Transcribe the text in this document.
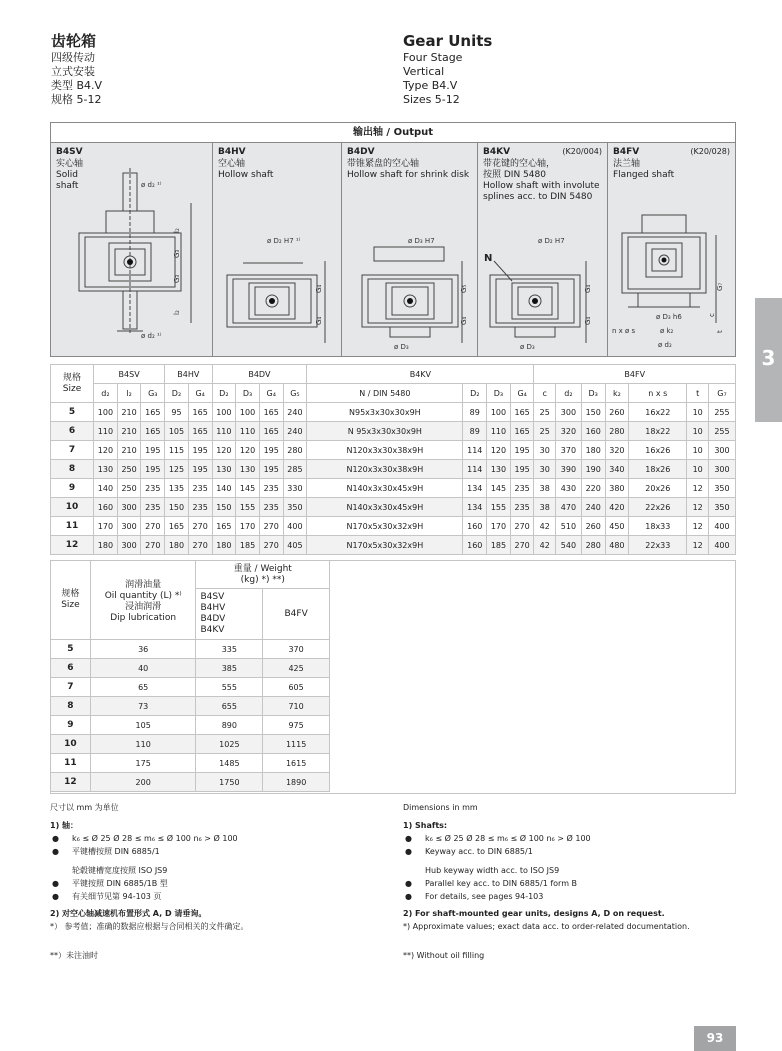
齿轮箱
四级传动
立式安装
类型 B4.V
规格 5-12
Gear Units
Four Stage
Vertical
Type B4.V
Sizes 5-12
输出轴 / Output
B4SV
实心轴
Solid
shaft	ø d₂ ¹⁾
ø d₂ ¹⁾
l₂
G₃
G₃
l₂
B4HV
空心轴
Hollow shaft
ø D₂ H7 ¹⁾
G₄
G₄
B4DV
带锥紧盘的空心轴
Hollow shaft for shrink disk
ø D₃ H7
ø D₃
G₅
G₄
B4KV	(K20/004)
带花键的空心轴，
按照 DIN 5480
Hollow shaft with involute
splines acc. to DIN 5480
N
ø D₂ H7
ø D₃
G₄
G₄
B4FV	(K20/028)
法兰轴
Flanged shaft
ø D₃ h6
ø k₂
ø d₂
n x ø s
G₇
c
t
规格
Size	B4SV			B4HV		B4DV				B4KV				B4FV						
	d₂	l₂	G₃	D₂	G₄	D₂	D₃	G₄	G₅	N / DIN 5480	D₂	D₃	G₄	c	d₂	D₃	k₂	n x s	t	G₇
5	100	210	165	95	165	100	100	165	240	N95x3x30x30x9H	89	100	165	25	300	150	260	16x22	10	255
6	110	210	165	105	165	110	110	165	240	N 95x3x30x30x9H	89	110	165	25	320	160	280	18x22	10	255
7	120	210	195	115	195	120	120	195	280	N120x3x30x38x9H	114	120	195	30	370	180	320	16x26	10	300
8	130	250	195	125	195	130	130	195	285	N120x3x30x38x9H	114	130	195	30	390	190	340	18x26	10	300
9	140	250	235	135	235	140	145	235	330	N140x3x30x45x9H	134	145	235	38	430	220	380	20x26	12	350
10	160	300	235	150	235	150	155	235	350	N140x3x30x45x9H	134	155	235	38	470	240	420	22x26	12	350
11	170	300	270	165	270	165	170	270	400	N170x5x30x32x9H	160	170	270	42	510	260	450	18x33	12	400
12	180	300	270	180	270	180	185	270	405	N170x5x30x32x9H	160	185	270	42	540	280	480	22x33	12	400
规格
Size	润滑油量
Oil quantity (L) *⁾
浸油润滑
Dip lubrication	重量 / Weight
(kg) *) **)	
		B4SV
B4HV
B4DV
B4KV	B4FV
5	36	335	370
6	40	385	425
7	65	555	605
8	73	655	710
9	105	890	975
10	110	1025	1115
11	175	1485	1615
12	200	1750	1890
尺寸以 mm 为单位
1) 轴：
● k₆ ≤ Ø 25 Ø 28 ≤ m₆ ≤ Ø 100 n₆ > Ø 100
● 平键槽按照 DIN 6885/1
轮毂键槽宽度按照 ISO JS9
● 平键按照 DIN 6885/1B 型
● 有关细节见第 94-103 页
2) 对空心轴减速机布置形式 A, D 请垂询。
*） 参考值；准确的数据应根据与合同相关的文件确定。
**）未注油时
Dimensions in mm
1) Shafts:
● k₆ ≤ Ø 25 Ø 28 ≤ m₆ ≤ Ø 100 n₆ > Ø 100
● Keyway acc. to DIN 6885/1
Hub keyway width acc. to ISO JS9
● Parallel key acc. to DIN 6885/1 form B
● For details, see pages 94-103
2) For shaft-mounted gear units, designs A, D on request.
*) Approximate values; exact data acc. to order-related documentation.
**) Without oil filling
3
93
